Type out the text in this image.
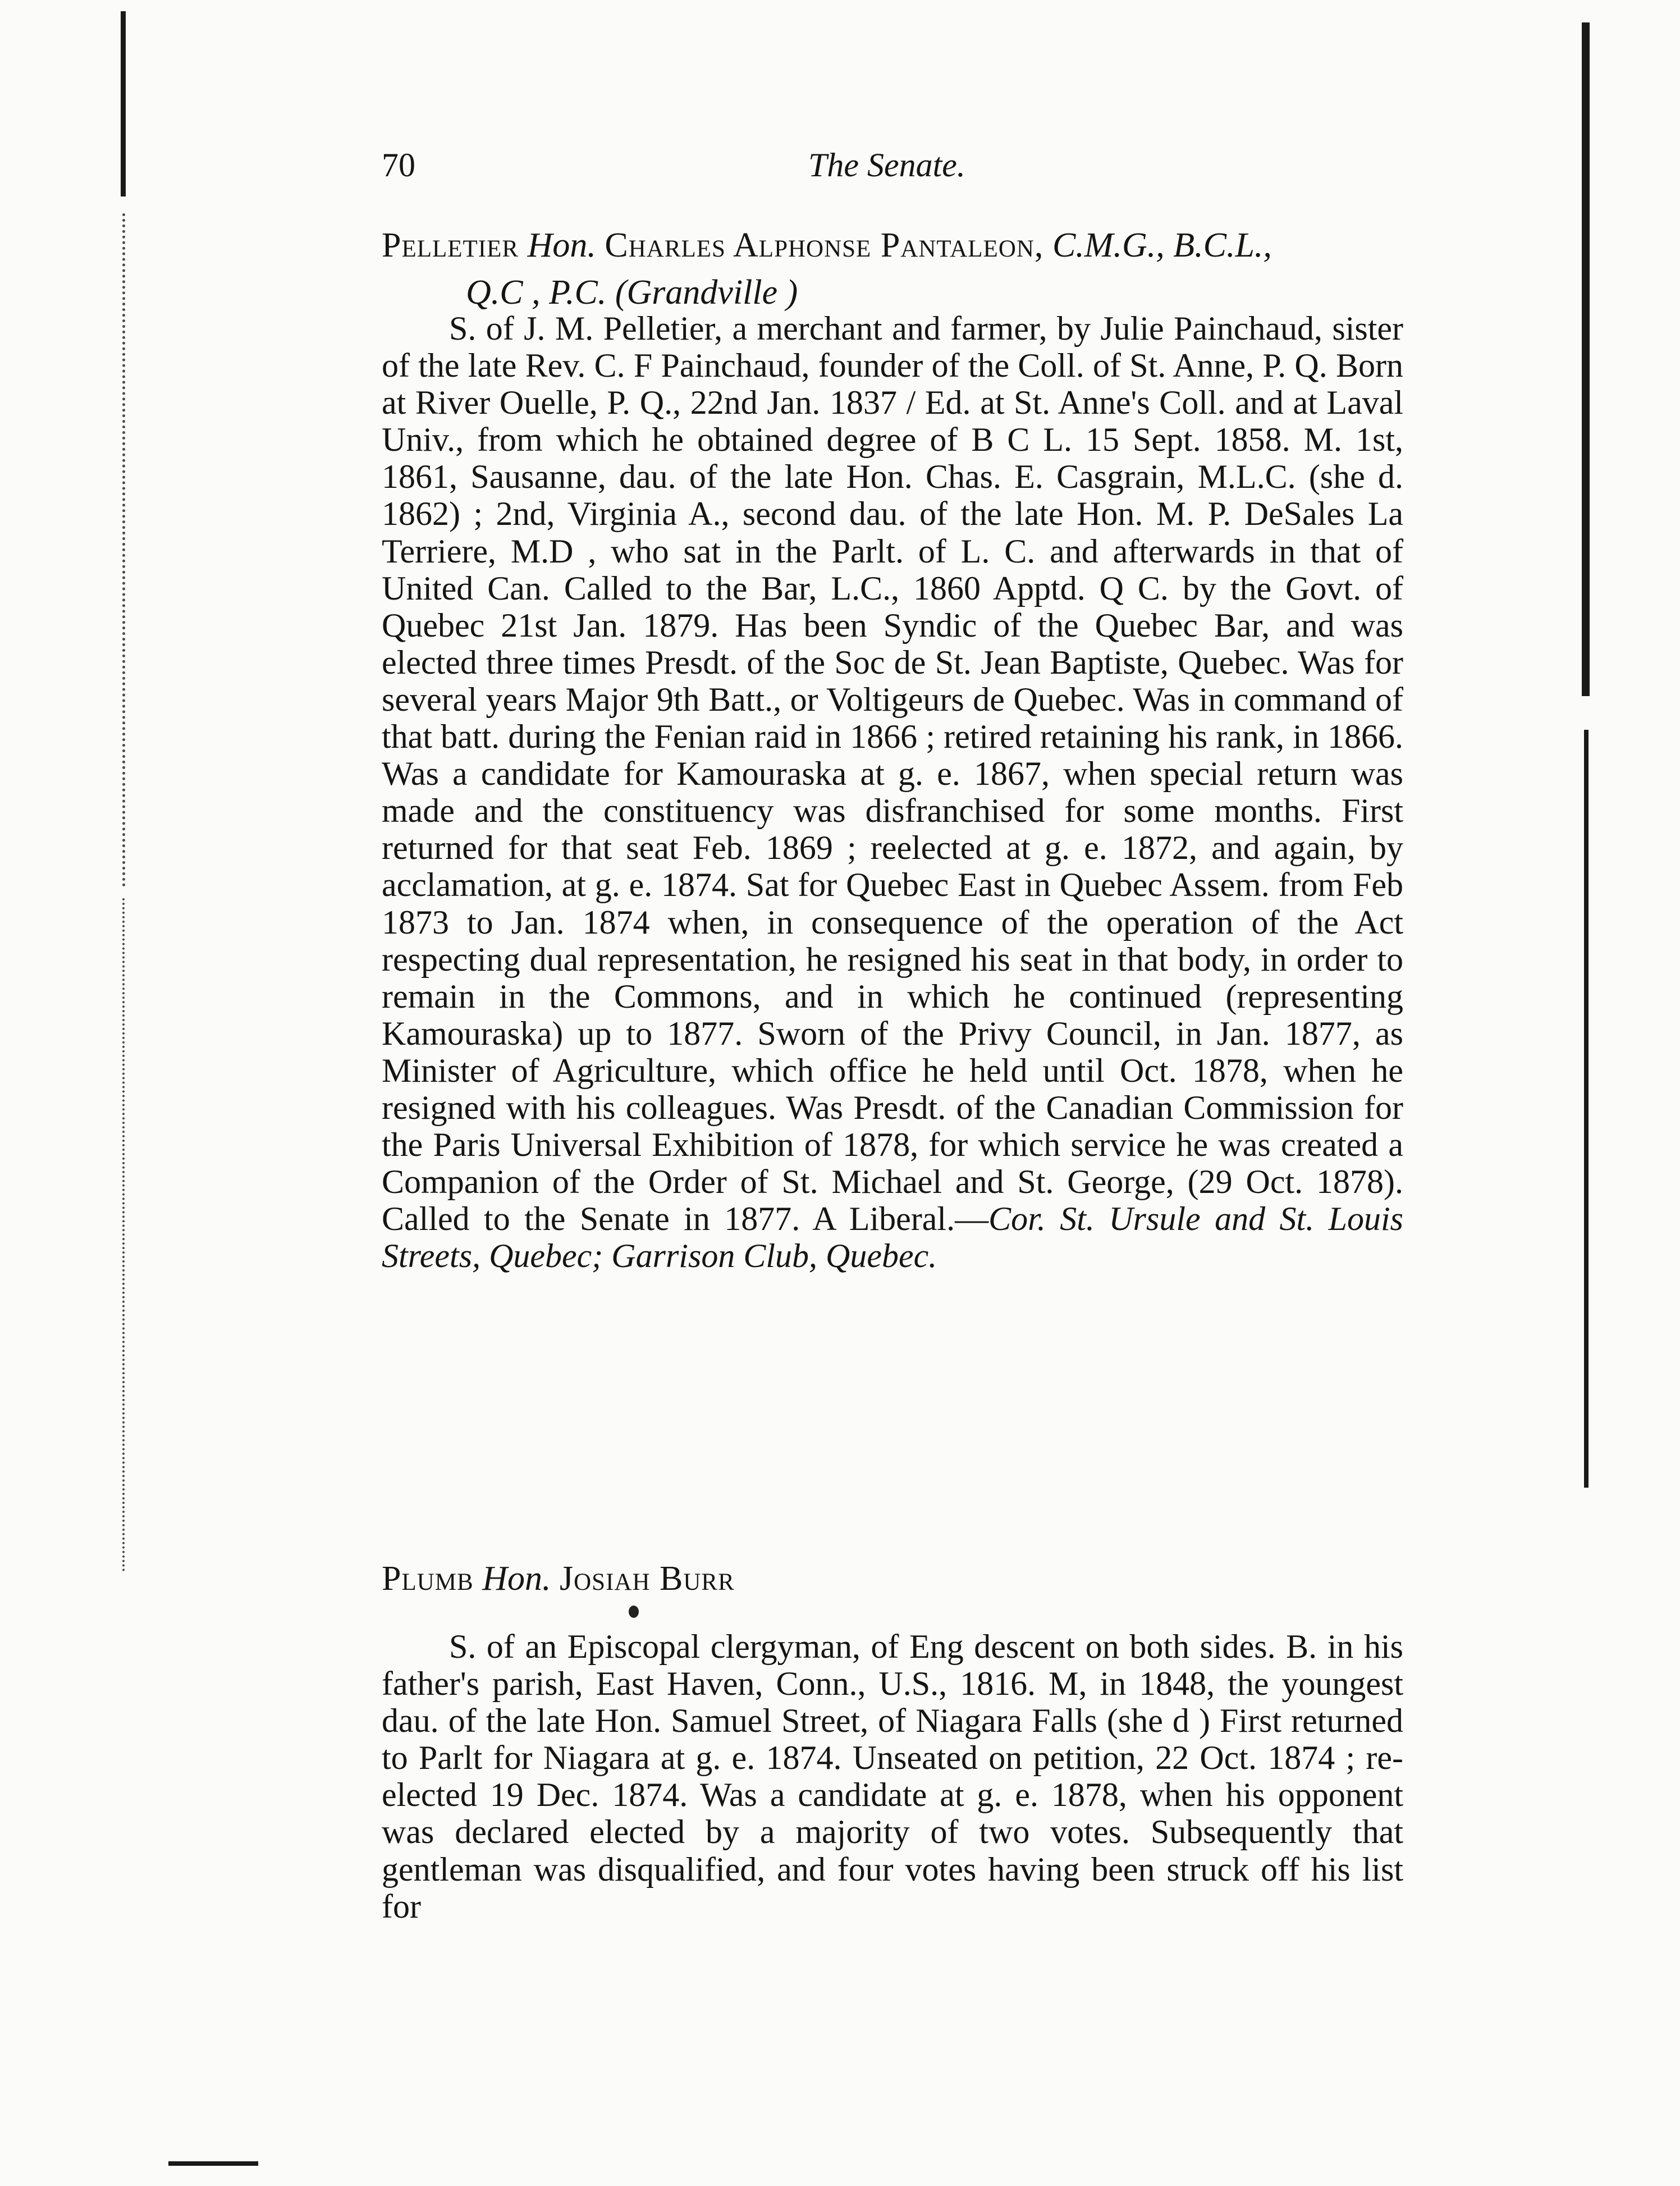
70	The Senate.
Pelletier Hon. Charles Alphonse Pantaleon, C.M.G., B.C.L.,
Q.C , P.C. (Grandville )

S. of J. M. Pelletier, a merchant and farmer, by Julie Painchaud, sister of the late Rev. C. F Painchaud, founder of the Coll. of St. Anne, P. Q. Born at River Ouelle, P. Q., 22nd Jan. 1837 / Ed. at St. Anne's Coll. and at Laval Univ., from which he obtained degree of B C L. 15 Sept. 1858. M. 1st, 1861, Sausanne, dau. of the late Hon. Chas. E. Casgrain, M.L.C. (she d. 1862) ; 2nd, Virginia A., second dau. of the late Hon. M. P. DeSales La Terriere, M.D , who sat in the Parlt. of L. C. and afterwards in that of United Can. Called to the Bar, L.C., 1860 Apptd. Q C. by the Govt. of Quebec 21st Jan. 1879. Has been Syndic of the Quebec Bar, and was elected three times Presdt. of the Soc de St. Jean Baptiste, Quebec. Was for several years Major 9th Batt., or Voltigeurs de Quebec. Was in command of that batt. during the Fenian raid in 1866 ; retired retaining his rank, in 1866. Was a candidate for Kamouraska at g. e. 1867, when special return was made and the constituency was disfranchised for some months. First returned for that seat Feb. 1869 ; reelected at g. e. 1872, and again, by acclamation, at g. e. 1874. Sat for Quebec East in Quebec Assem. from Feb 1873 to Jan. 1874 when, in consequence of the operation of the Act respecting dual representation, he resigned his seat in that body, in order to remain in the Commons, and in which he continued (representing Kamouraska) up to 1877. Sworn of the Privy Council, in Jan. 1877, as Minister of Agriculture, which office he held until Oct. 1878, when he resigned with his colleagues. Was Presdt. of the Canadian Commission for the Paris Universal Exhibition of 1878, for which service he was created a Companion of the Order of St. Michael and St. George, (29 Oct. 1878). Called to the Senate in 1877. A Liberal.—Cor. St. Ursule and St. Louis Streets, Quebec; Garrison Club, Quebec.

Plumb Hon. Josiah Burr

S. of an Episcopal clergyman, of Eng descent on both sides. B. in his father's parish, East Haven, Conn., U.S., 1816. M, in 1848, the youngest dau. of the late Hon. Samuel Street, of Niagara Falls (she d ) First returned to Parlt for Niagara at g. e. 1874. Unseated on petition, 22 Oct. 1874 ; re-elected 19 Dec. 1874. Was a candidate at g. e. 1878, when his opponent was declared elected by a majority of two votes. Subsequently that gentleman was disqualified, and four votes having been struck off his list for
